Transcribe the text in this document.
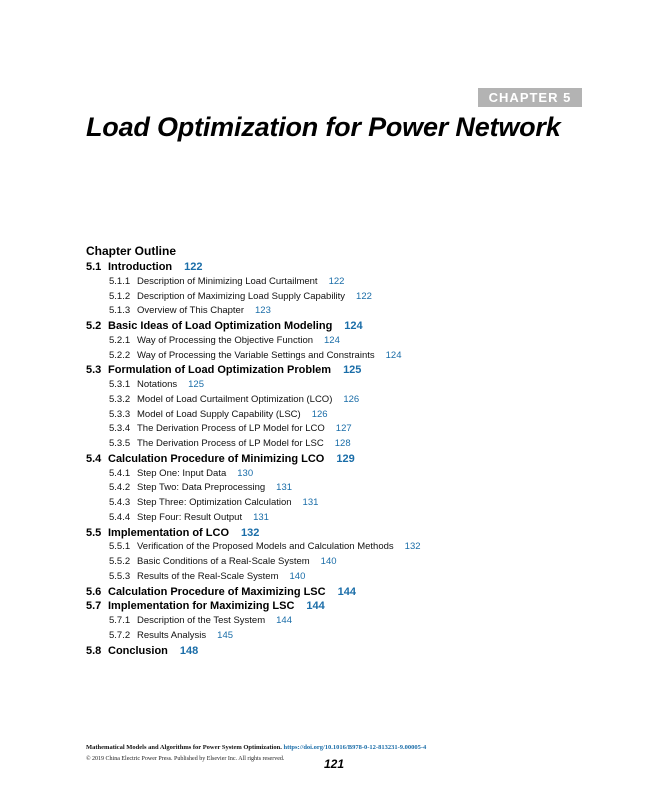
CHAPTER 5
Load Optimization for Power Network
Chapter Outline
5.1 Introduction 122
5.1.1 Description of Minimizing Load Curtailment 122
5.1.2 Description of Maximizing Load Supply Capability 122
5.1.3 Overview of This Chapter 123
5.2 Basic Ideas of Load Optimization Modeling 124
5.2.1 Way of Processing the Objective Function 124
5.2.2 Way of Processing the Variable Settings and Constraints 124
5.3 Formulation of Load Optimization Problem 125
5.3.1 Notations 125
5.3.2 Model of Load Curtailment Optimization (LCO) 126
5.3.3 Model of Load Supply Capability (LSC) 126
5.3.4 The Derivation Process of LP Model for LCO 127
5.3.5 The Derivation Process of LP Model for LSC 128
5.4 Calculation Procedure of Minimizing LCO 129
5.4.1 Step One: Input Data 130
5.4.2 Step Two: Data Preprocessing 131
5.4.3 Step Three: Optimization Calculation 131
5.4.4 Step Four: Result Output 131
5.5 Implementation of LCO 132
5.5.1 Verification of the Proposed Models and Calculation Methods 132
5.5.2 Basic Conditions of a Real-Scale System 140
5.5.3 Results of the Real-Scale System 140
5.6 Calculation Procedure of Maximizing LSC 144
5.7 Implementation for Maximizing LSC 144
5.7.1 Description of the Test System 144
5.7.2 Results Analysis 145
5.8 Conclusion 148
Mathematical Models and Algorithms for Power System Optimization. https://doi.org/10.1016/B978-0-12-813231-9.00005-4
© 2019 China Electric Power Press. Published by Elsevier Inc. All rights reserved.	121
